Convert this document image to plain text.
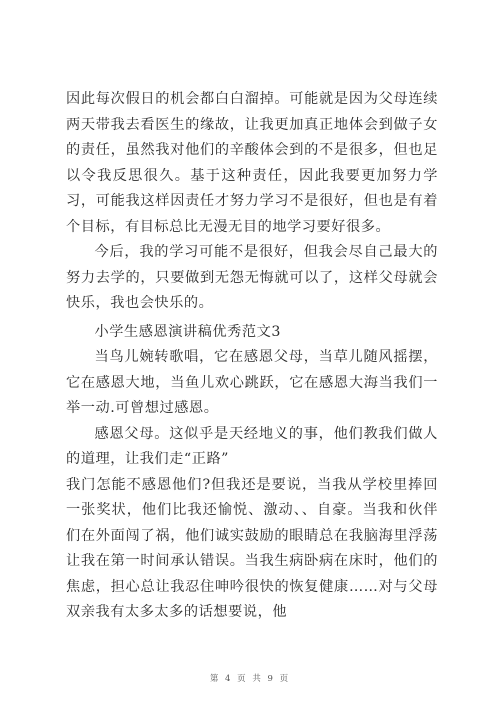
因此每次假日的机会都白白溜掉。可能就是因为父母连续两天带我去看医生的缘故，让我更加真正地体会到做子女的责任，虽然我对他们的辛酸体会到的不是很多，但也足以令我反思很久。基于这种责任，因此我要更加努力学习，可能我这样因责任才努力学习不是很好，但也是有着个目标，有目标总比无漫无目的地学习要好很多。

今后，我的学习可能不是很好，但我会尽自己最大的努力去学的，只要做到无怨无悔就可以了，这样父母就会快乐，我也会快乐的。

小学生感恩演讲稿优秀范文3

当鸟儿婉转歌唱，它在感恩父母，当草儿随风摇摆，它在感恩大地，当鱼儿欢心跳跃，它在感恩大海当我们一举一动.可曾想过感恩。

感恩父母。这似乎是天经地义的事，他们教我们做人的道理，让我们走“正路”

我门怎能不感恩他们?但我还是要说，当我从学校里捧回一张奖状，他们比我还愉悦、激动、、自豪。当我和伙伴们在外面闯了祸，他们诚实鼓励的眼睛总在我脑海里浮荡让我在第一时间承认错误。当我生病卧病在床时，他们的焦虑，担心总让我忍住呻吟很快的恢复健康……对与父母双亲我有太多太多的话想要说，他

第 4 页 共 9 页
